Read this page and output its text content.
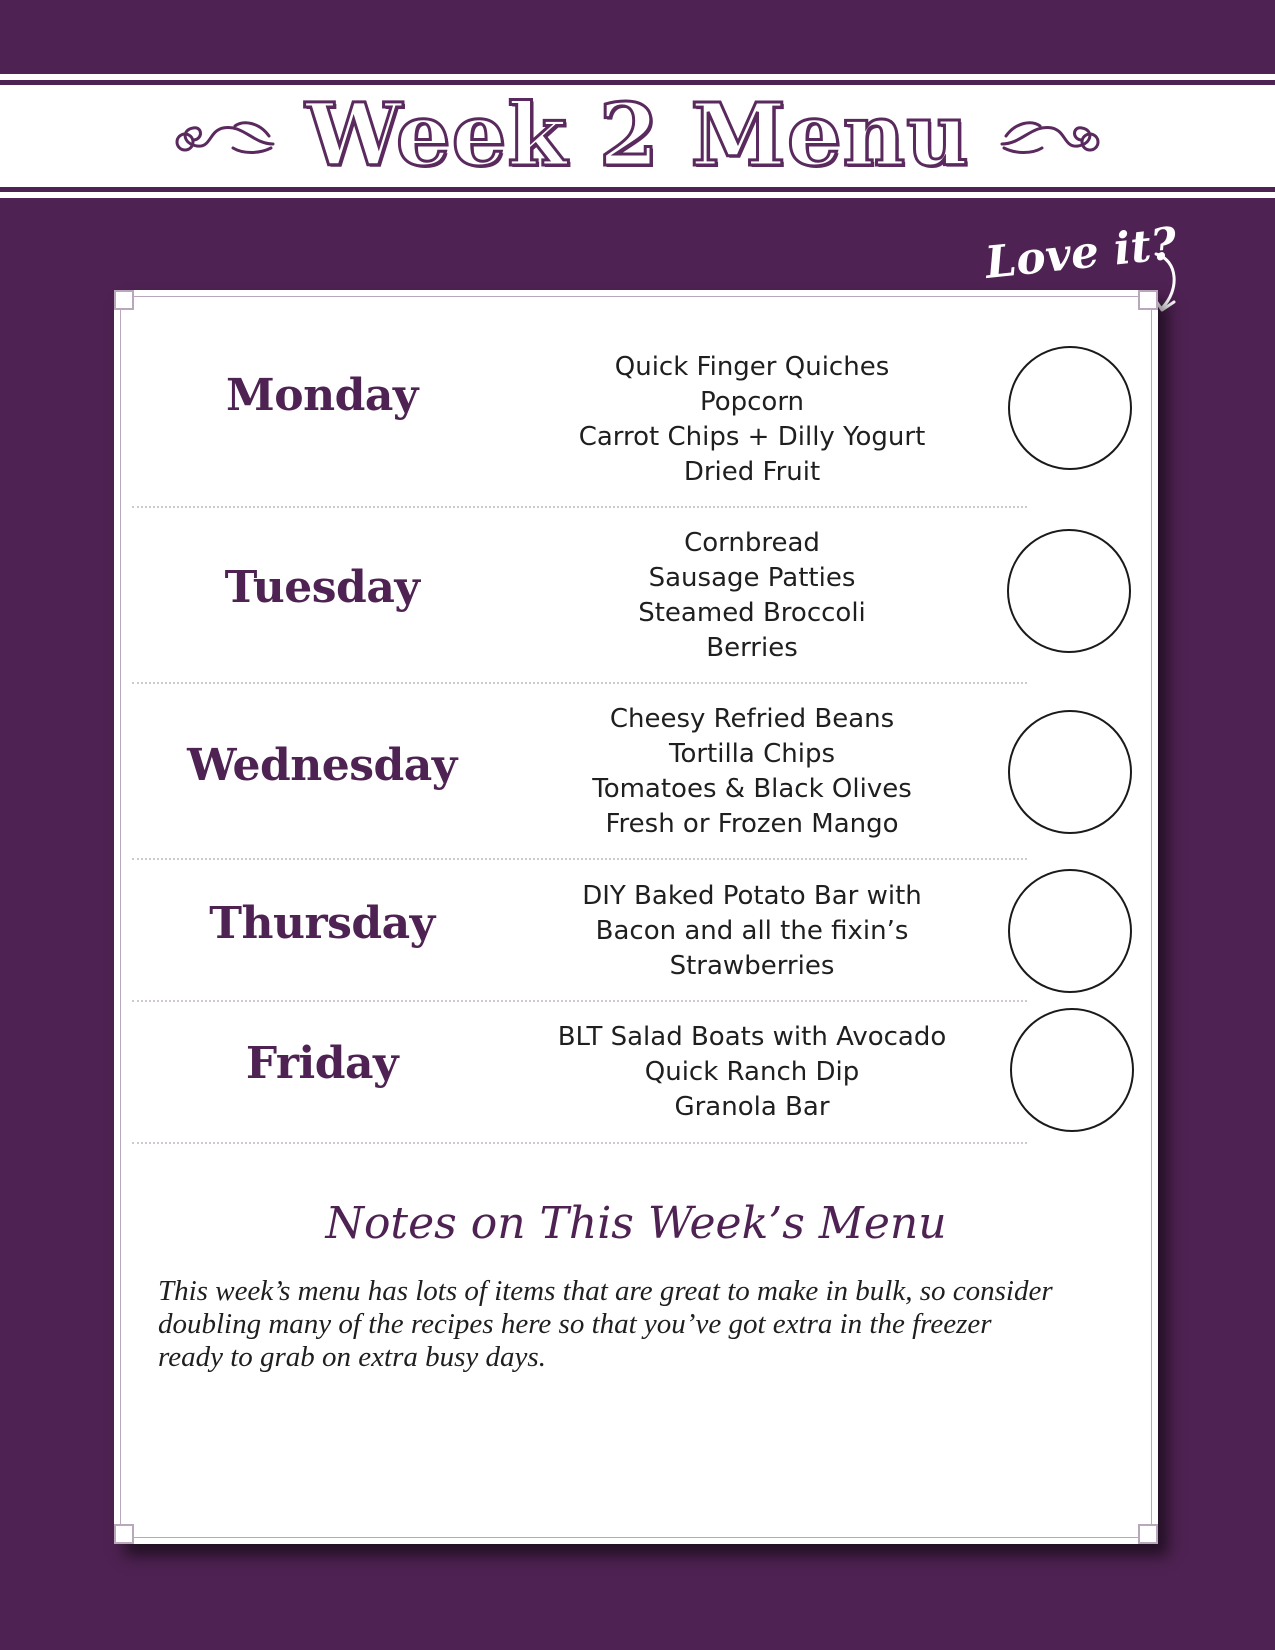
Week 2 Menu
Love it?
Monday
Quick Finger Quiches
Popcorn
Carrot Chips + Dilly Yogurt
Dried Fruit
Tuesday
Cornbread
Sausage Patties
Steamed Broccoli
Berries
Wednesday
Cheesy Refried Beans
Tortilla Chips
Tomatoes & Black Olives
Fresh or Frozen Mango
Thursday
DIY Baked Potato Bar with
Bacon and all the fixin’s
Strawberries
Friday
BLT Salad Boats with Avocado
Quick Ranch Dip
Granola Bar
Notes on This Week’s Menu
This week’s menu has lots of items that are great to make in bulk, so consider doubling many of the recipes here so that you’ve got extra in the freezer ready to grab on extra busy days.
